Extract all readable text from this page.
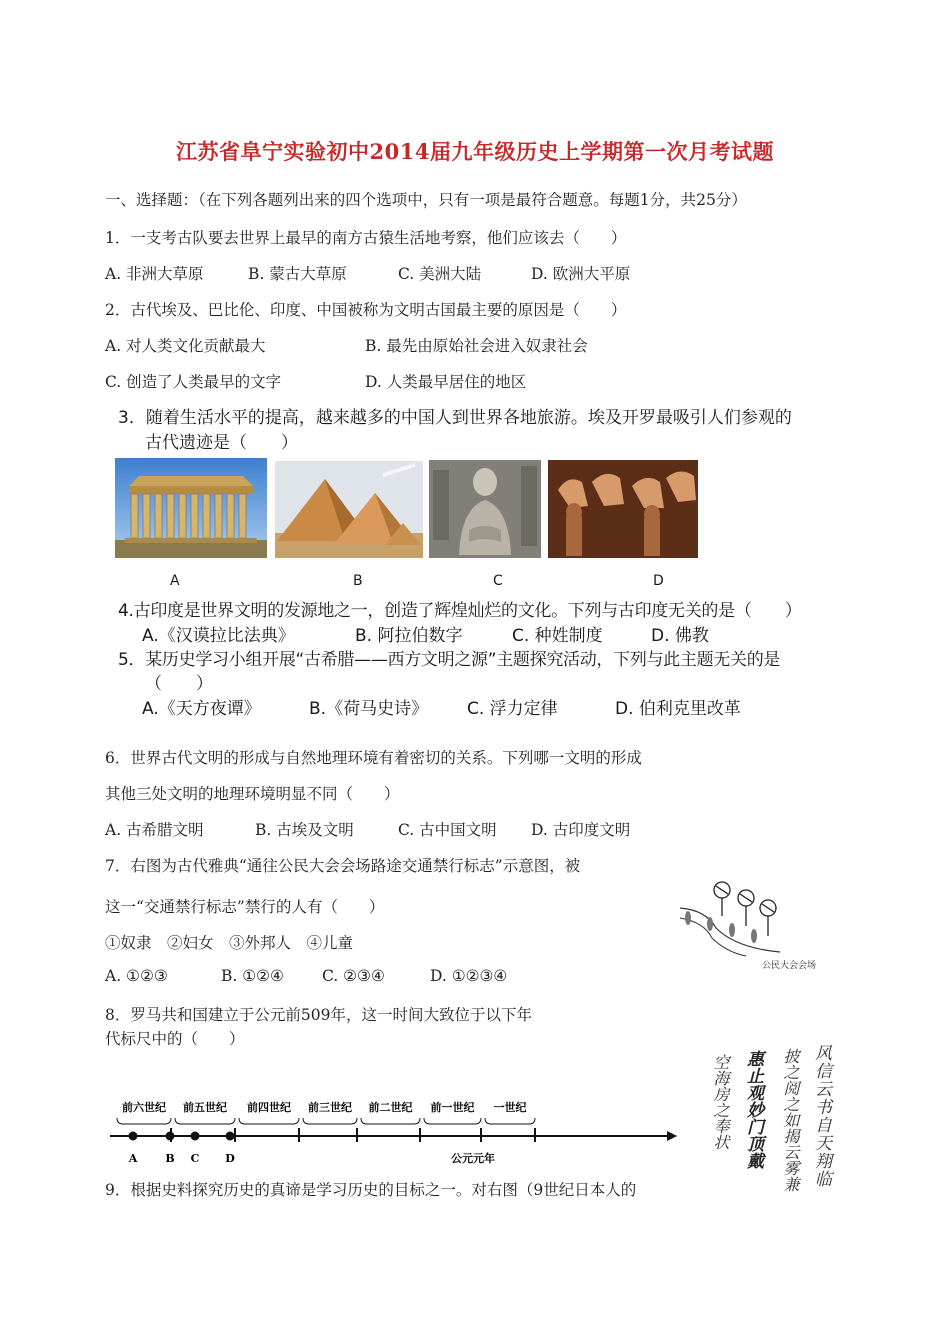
江苏省阜宁实验初中2014届九年级历史上学期第一次月考试题
一、选择题：（在下列各题列出来的四个选项中，只有一项是最符合题意。每题1分，共25分）
1．一支考古队要去世界上最早的南方古猿生活地考察，他们应该去（　　）
A. 非洲大草原	B. 蒙古大草原	C. 美洲大陆	D. 欧洲大平原
2．古代埃及、巴比伦、印度、中国被称为文明古国最主要的原因是（　　）
A. 对人类文化贡献最大	B. 最先由原始社会进入奴隶社会
C. 创造了人类最早的文字	D. 人类最早居住的地区
3．随着生活水平的提高，越来越多的中国人到世界各地旅游。埃及开罗最吸引人们参观的
古代遗迹是（　　）
A	B	C	D
4.古印度是世界文明的发源地之一，创造了辉煌灿烂的文化。下列与古印度无关的是（　　）
A.《汉谟拉比法典》	B. 阿拉伯数字	C. 种姓制度	D. 佛教
5．某历史学习小组开展“古希腊——西方文明之源”主题探究活动，下列与此主题无关的是
（　　）
A.《天方夜谭》	B.《荷马史诗》 C. 浮力定律	D. 伯利克里改革
6．世界古代文明的形成与自然地理环境有着密切的关系。下列哪一文明的形成
其他三处文明的地理环境明显不同（　　）
A. 古希腊文明	B. 古埃及文明	C. 古中国文明 D. 古印度文明
7．右图为古代雅典“通往公民大会会场路途交通禁行标志”示意图，被
这一“交通禁行标志”禁行的人有（　　）
①奴隶　②妇女　③外邦人　④儿童
A. ①②③	B. ①②④ C. ②③④	D. ①②③④
公民大会会场
8．罗马共和国建立于公元前509年，这一时间大致位于以下年
代标尺中的（　　）
前六世纪 前五世纪 前四世纪 前三世纪 前二世纪 前一世纪 一世纪
A	B C D	公元元年
9．根据史料探究历史的真谛是学习历史的目标之一。对右图（9世纪日本人的
风信云书自天翔临
披之阅之如揭云雾兼
惠止观妙门顶戴
空海房之奉状
